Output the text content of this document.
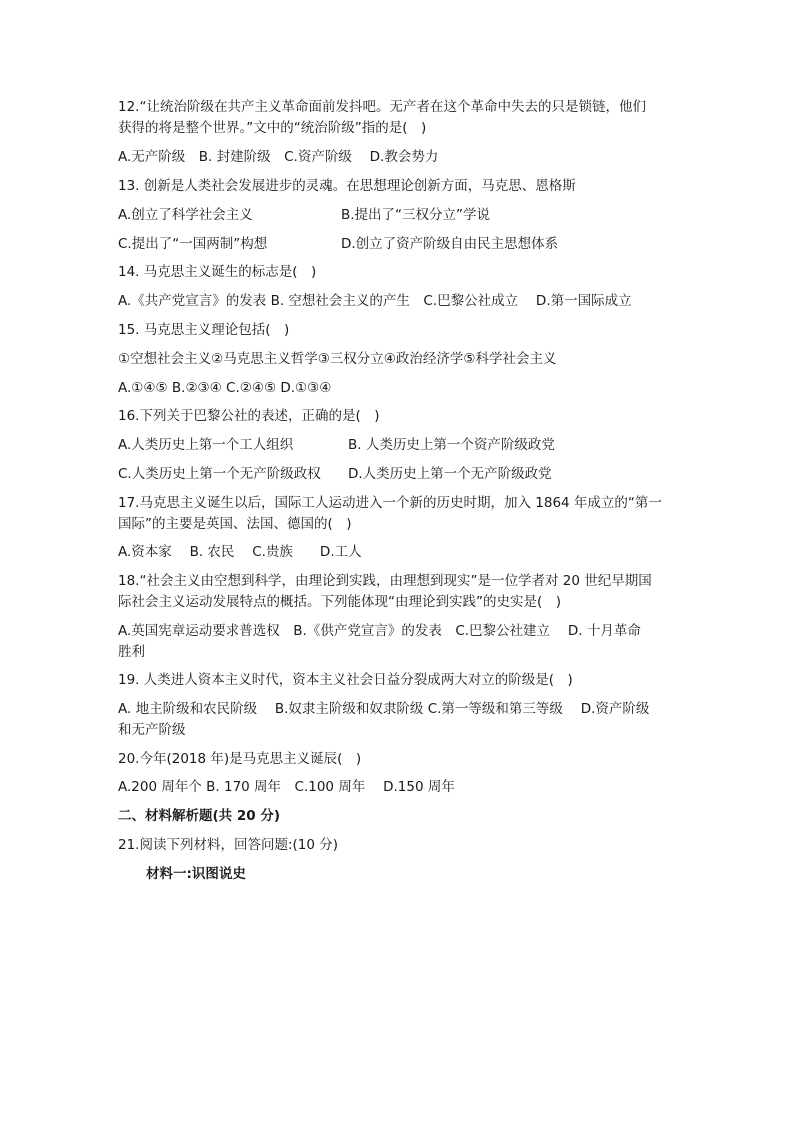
12.“让统治阶级在共产主义革命面前发抖吧。无产者在这个革命中失去的只是锁链，他们
获得的将是整个世界。”文中的“统治阶级”指的是(　)
A.无产阶级　B. 封建阶级　C.资产阶级　 D.教会势力
13. 创新是人类社会发展进步的灵魂。在思想理论创新方面，马克思、恩格斯
A.创立了科学社会主义	B.提出了“三权分立”学说
C.提出了“一国两制”构想	D.创立了资产阶级自由民主思想体系
14. 马克思主义诞生的标志是(　)
A.《共产党宣言》的发表 B. 空想社会主义的产生　C.巴黎公社成立　 D.第一国际成立
15. 马克思主义理论包括(　)
①空想社会主义②马克思主义哲学③三权分立④政治经济学⑤科学社会主义
A.①④⑤ B.②③④ C.②④⑤ D.①③④
16.下列关于巴黎公社的表述，正确的是(　)
A.人类历史上第一个工人组织	B. 人类历史上第一个资产阶级政党
C.人类历史上第一个无产阶级政权 D.人类历史上第一个无产阶级政党
17.马克思主义诞生以后，国际工人运动进入一个新的历史时期，加入 1864 年成立的“第一
国际”的主要是英国、法国、德国的(　)
A.资本家　 B. 农民　 C.贵族　　D.工人
18.“社会主义由空想到科学，由理论到实践，由理想到现实”是一位学者对 20 世纪早期国
际社会主义运动发展特点的概括。下列能体现“由理论到实践”的史实是(　)
A.英国宪章运动要求普选权　B.《供产党宣言》的发表　C.巴黎公社建立　 D. 十月革命
胜利
19. 人类进人资本主义时代，资本主义社会日益分裂成两大对立的阶级是(　)
A. 地主阶级和农民阶级　 B.奴隶主阶级和奴隶阶级 C.第一等级和第三等级　 D.资产阶级
和无产阶级
20.今年(2018 年)是马克思主义诞辰(　)
A.200 周年个 B. 170 周年　C.100 周年　 D.150 周年
二、材料解析题(共 20 分)
21.阅读下列材料，回答问题:(10 分)
材料一:识图说史
